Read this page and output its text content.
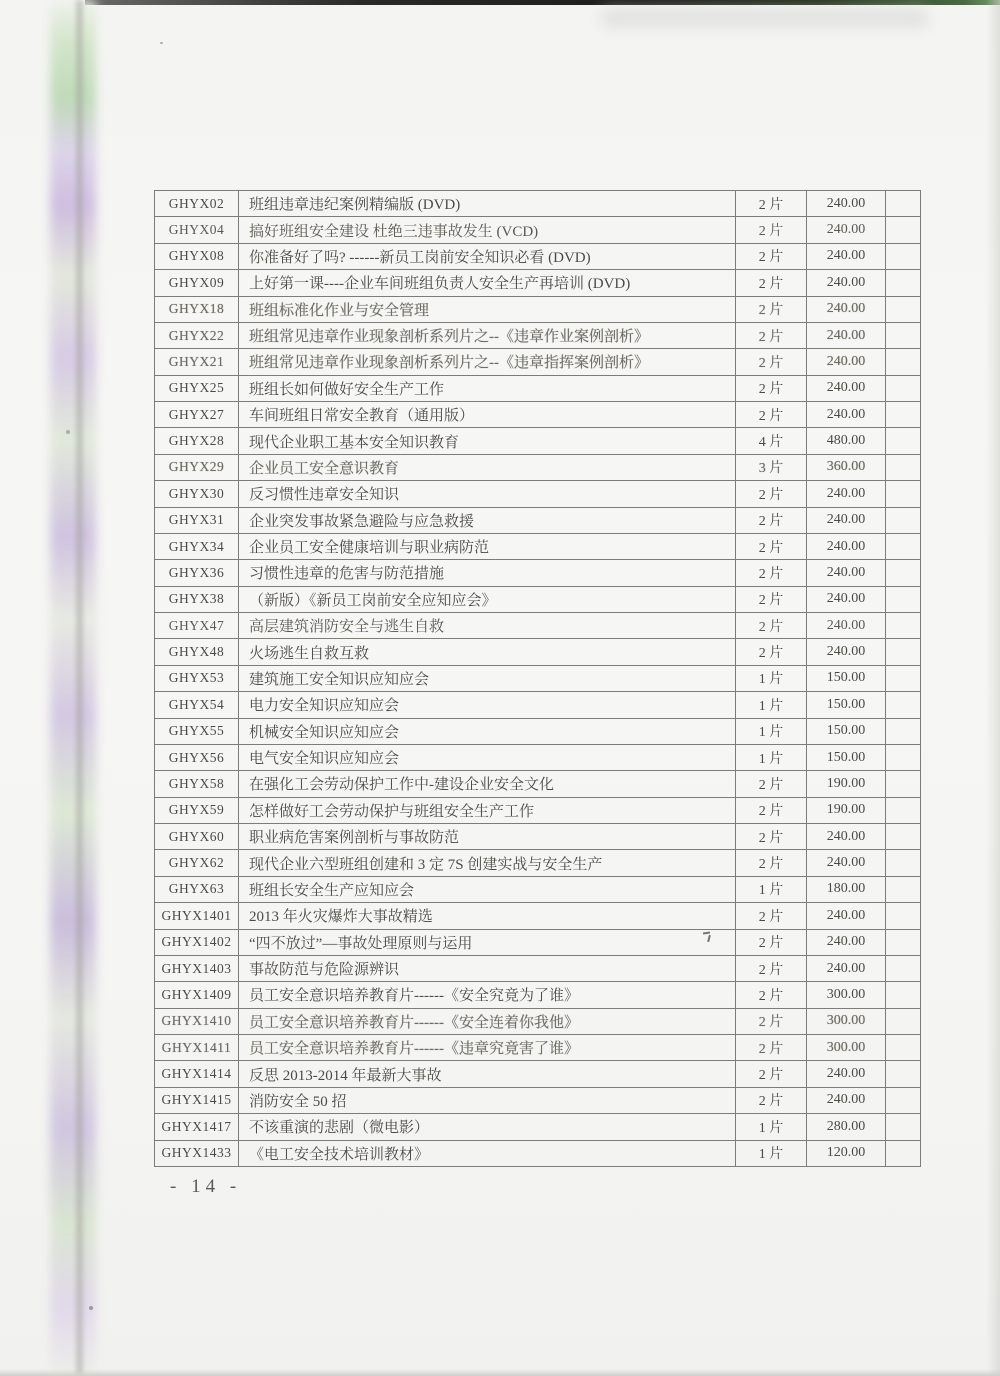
GHYX02	班组违章违纪案例精编版 (DVD)	2 片	240.00	
GHYX04	搞好班组安全建设 杜绝三违事故发生 (VCD)	2 片	240.00	
GHYX08	你准备好了吗? ------新员工岗前安全知识必看 (DVD)	2 片	240.00	
GHYX09	上好第一课----企业车间班组负责人安全生产再培训 (DVD)	2 片	240.00	
GHYX18	班组标准化作业与安全管理	2 片	240.00	
GHYX22	班组常见违章作业现象剖析系列片之--《违章作业案例剖析》	2 片	240.00	
GHYX21	班组常见违章作业现象剖析系列片之--《违章指挥案例剖析》	2 片	240.00	
GHYX25	班组长如何做好安全生产工作	2 片	240.00	
GHYX27	车间班组日常安全教育（通用版）	2 片	240.00	
GHYX28	现代企业职工基本安全知识教育	4 片	480.00	
GHYX29	企业员工安全意识教育	3 片	360.00	
GHYX30	反习惯性违章安全知识	2 片	240.00	
GHYX31	企业突发事故紧急避险与应急救援	2 片	240.00	
GHYX34	企业员工安全健康培训与职业病防范	2 片	240.00	
GHYX36	习惯性违章的危害与防范措施	2 片	240.00	
GHYX38	（新版）《新员工岗前安全应知应会》	2 片	240.00	
GHYX47	高层建筑消防安全与逃生自救	2 片	240.00	
GHYX48	火场逃生自救互救	2 片	240.00	
GHYX53	建筑施工安全知识应知应会	1 片	150.00	
GHYX54	电力安全知识应知应会	1 片	150.00	
GHYX55	机械安全知识应知应会	1 片	150.00	
GHYX56	电气安全知识应知应会	1 片	150.00	
GHYX58	在强化工会劳动保护工作中-建设企业安全文化	2 片	190.00	
GHYX59	怎样做好工会劳动保护与班组安全生产工作	2 片	190.00	
GHYX60	职业病危害案例剖析与事故防范	2 片	240.00	
GHYX62	现代企业六型班组创建和 3 定 7S 创建实战与安全生产	2 片	240.00	
GHYX63	班组长安全生产应知应会	1 片	180.00	
GHYX1401	2013 年火灾爆炸大事故精选	2 片	240.00	
GHYX1402	“四不放过”—事故处理原则与运用	2 片	240.00	
GHYX1403	事故防范与危险源辨识	2 片	240.00	
GHYX1409	员工安全意识培养教育片------《安全究竟为了谁》	2 片	300.00	
GHYX1410	员工安全意识培养教育片------《安全连着你我他》	2 片	300.00	
GHYX1411	员工安全意识培养教育片------《违章究竟害了谁》	2 片	300.00	
GHYX1414	反思 2013-2014 年最新大事故	2 片	240.00	
GHYX1415	消防安全 50 招	2 片	240.00	
GHYX1417	不该重演的悲剧（微电影）	1 片	280.00	
GHYX1433	《电工安全技术培训教材》	1 片	120.00	
- 14 -
